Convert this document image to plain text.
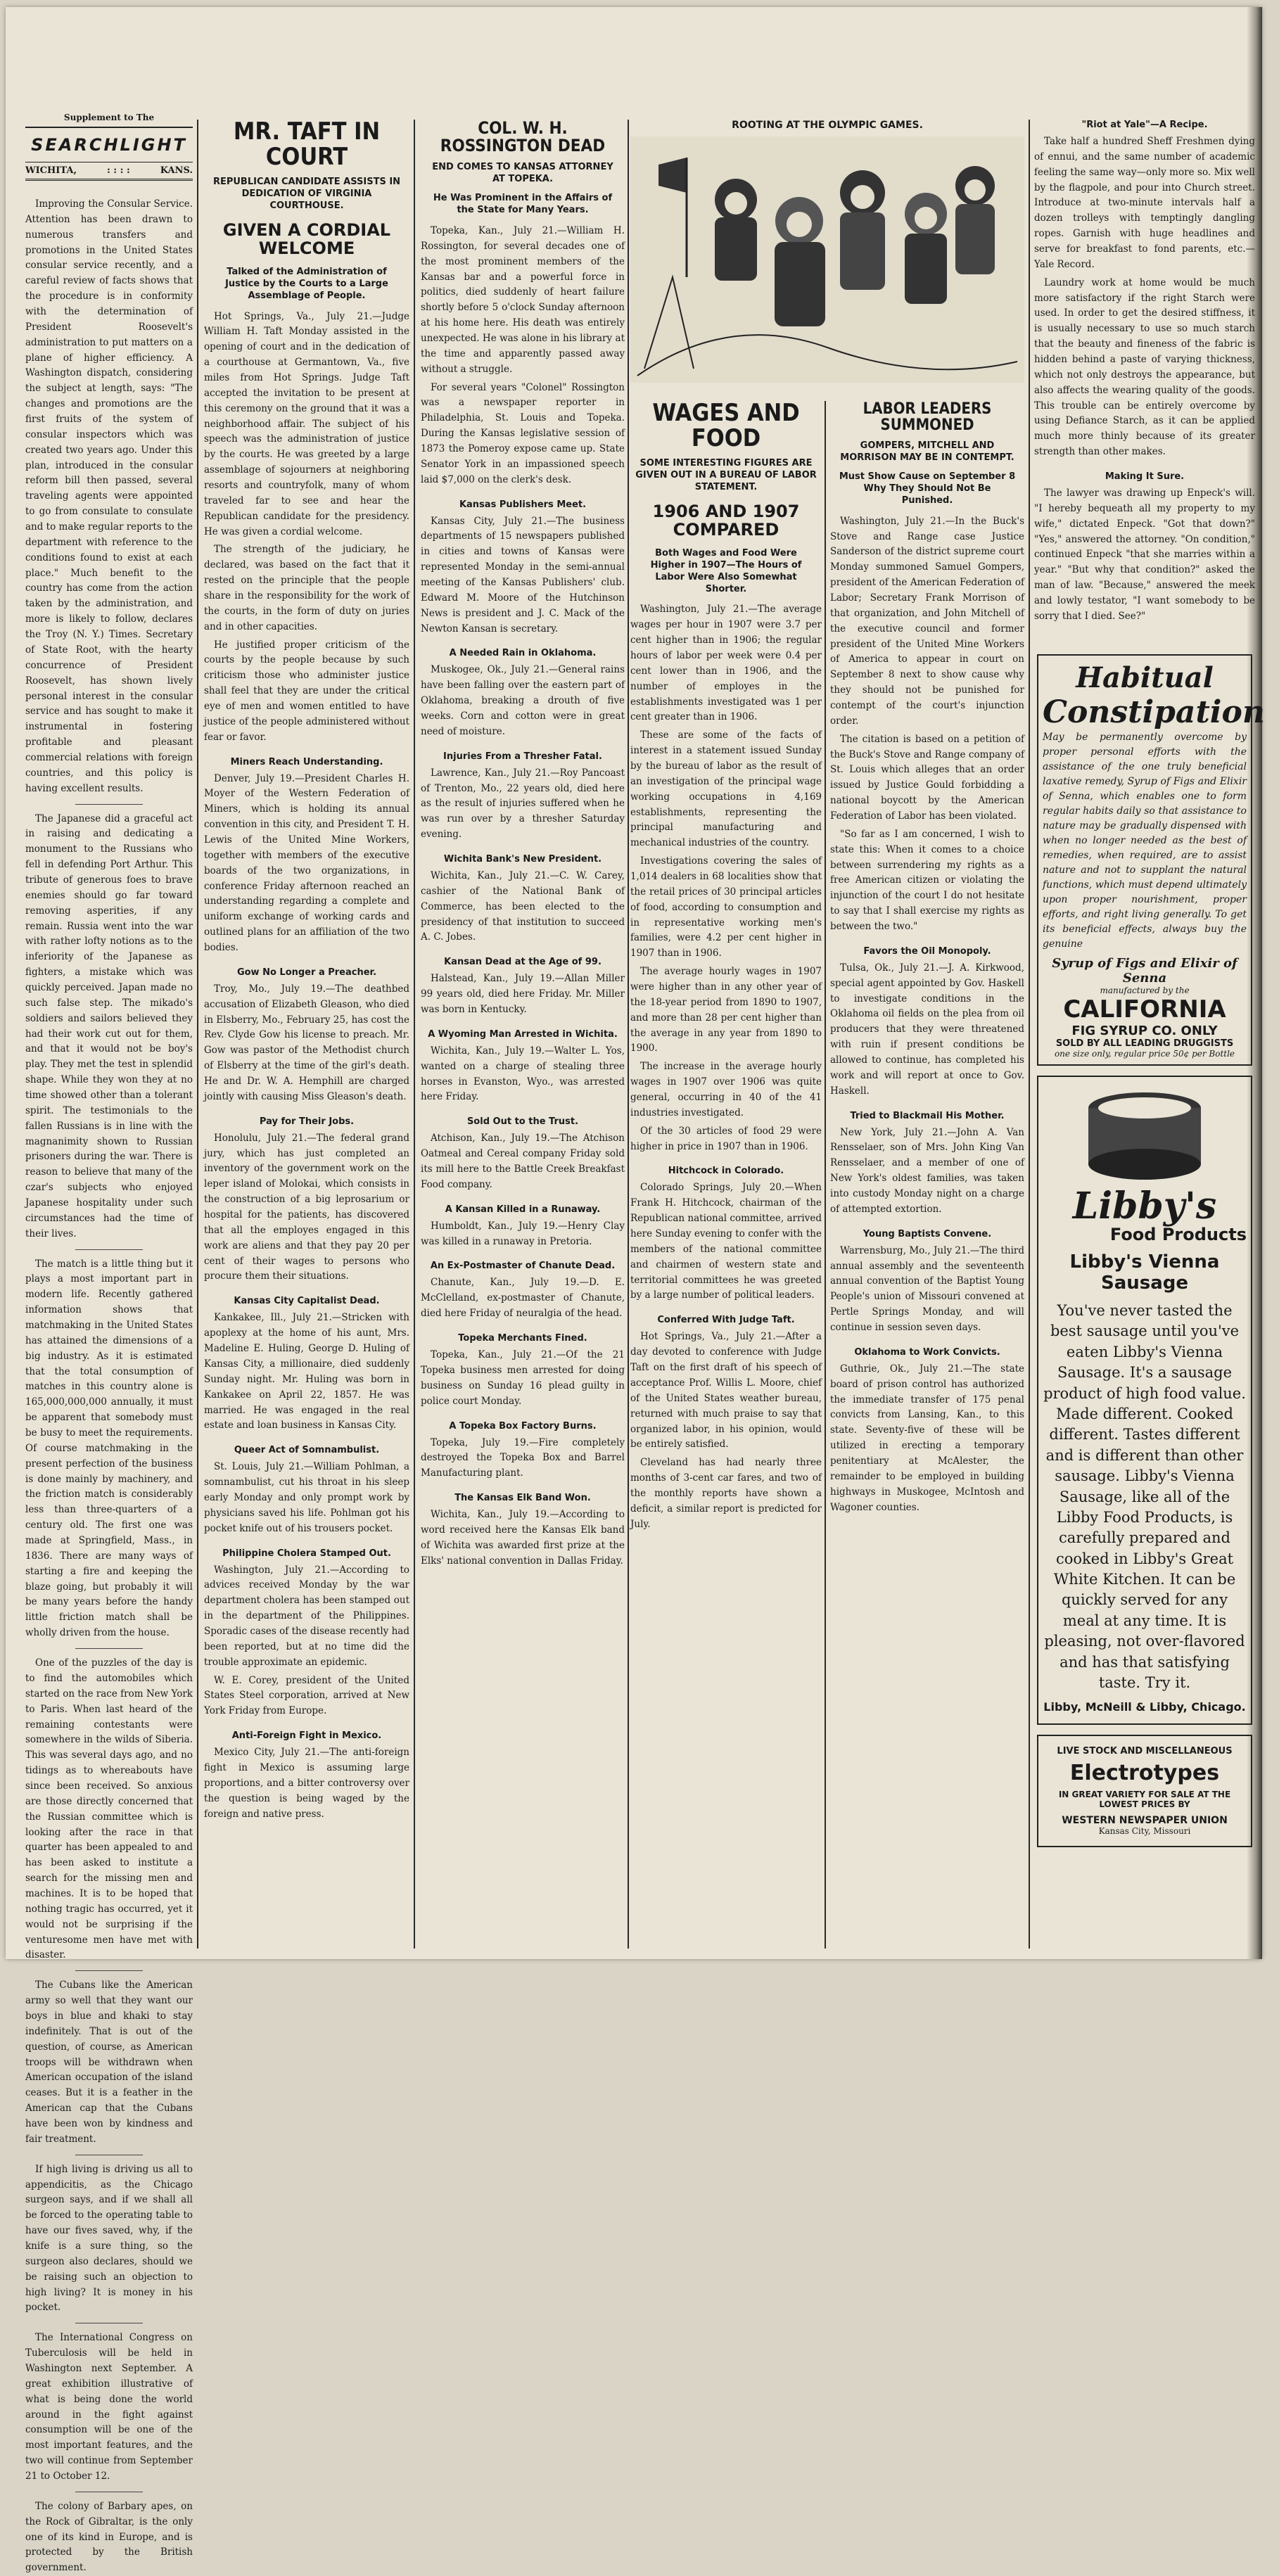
Supplement to The
SEARCHLIGHT
WICHITA,	: : : :	KANS.

Improving the Consular Service. Attention has been drawn to numerous transfers and promotions in the United States consular service recently, and a careful review of facts shows that the procedure is in conformity with the determination of President Roosevelt's administration to put matters on a plane of higher efficiency. A Washington dispatch, considering the subject at length, says: "The changes and promotions are the first fruits of the system of consular inspectors which was created two years ago. Under this plan, introduced in the consular reform bill then passed, several traveling agents were appointed to go from consulate to consulate and to make regular reports to the department with reference to the conditions found to exist at each place." Much benefit to the country has come from the action taken by the administration, and more is likely to follow, declares the Troy (N. Y.) Times. Secretary of State Root, with the hearty concurrence of President Roosevelt, has shown lively personal interest in the consular service and has sought to make it instrumental in fostering profitable and pleasant commercial relations with foreign countries, and this policy is having excellent results.

The Japanese did a graceful act in raising and dedicating a monument to the Russians who fell in defending Port Arthur. This tribute of generous foes to brave enemies should go far toward removing asperities, if any remain. Russia went into the war with rather lofty notions as to the inferiority of the Japanese as fighters, a mistake which was quickly perceived. Japan made no such false step. The mikado's soldiers and sailors believed they had their work cut out for them, and that it would not be boy's play. They met the test in splendid shape. While they won they at no time showed other than a tolerant spirit. The testimonials to the fallen Russians is in line with the magnanimity shown to Russian prisoners during the war. There is reason to believe that many of the czar's subjects who enjoyed Japanese hospitality under such circumstances had the time of their lives.

The match is a little thing but it plays a most important part in modern life. Recently gathered information shows that matchmaking in the United States has attained the dimensions of a big industry. As it is estimated that the total consumption of matches in this country alone is 165,000,000,000 annually, it must be apparent that somebody must be busy to meet the requirements. Of course matchmaking in the present perfection of the business is done mainly by machinery, and the friction match is considerably less than three-quarters of a century old. The first one was made at Springfield, Mass., in 1836. There are many ways of starting a fire and keeping the blaze going, but probably it will be many years before the handy little friction match shall be wholly driven from the house.

One of the puzzles of the day is to find the automobiles which started on the race from New York to Paris. When last heard of the remaining contestants were somewhere in the wilds of Siberia. This was several days ago, and no tidings as to whereabouts have since been received. So anxious are those directly concerned that the Russian committee which is looking after the race in that quarter has been appealed to and has been asked to institute a search for the missing men and machines. It is to be hoped that nothing tragic has occurred, yet it would not be surprising if the venturesome men have met with disaster.

The Cubans like the American army so well that they want our boys in blue and khaki to stay indefinitely. That is out of the question, of course, as American troops will be withdrawn when American occupation of the island ceases. But it is a feather in the American cap that the Cubans have been won by kindness and fair treatment.

If high living is driving us all to appendicitis, as the Chicago surgeon says, and if we shall all be forced to the operating table to have our fives saved, why, if the knife is a sure thing, so the surgeon also declares, should we be raising such an objection to high living? It is money in his pocket.

The International Congress on Tuberculosis will be held in Washington next September. A great exhibition illustrative of what is being done the world around in the fight against consumption will be one of the most important features, and the two will continue from September 21 to October 12.

The colony of Barbary apes, on the Rock of Gibraltar, is the only one of its kind in Europe, and is protected by the British government.

MR. TAFT IN COURT
REPUBLICAN CANDIDATE ASSISTS IN DEDICATION OF VIRGINIA COURTHOUSE.
GIVEN A CORDIAL WELCOME
Talked of the Administration of Justice by the Courts to a Large Assemblage of People.

Hot Springs, Va., July 21.—Judge William H. Taft Monday assisted in the opening of court and in the dedication of a courthouse at Germantown, Va., five miles from Hot Springs. Judge Taft accepted the invitation to be present at this ceremony on the ground that it was a neighborhood affair. The subject of his speech was the administration of justice by the courts. He was greeted by a large assemblage of sojourners at neighboring resorts and countryfolk, many of whom traveled far to see and hear the Republican candidate for the presidency. He was given a cordial welcome.

The strength of the judiciary, he declared, was based on the fact that it rested on the principle that the people share in the responsibility for the work of the courts, in the form of duty on juries and in other capacities.

He justified proper criticism of the courts by the people because by such criticism those who administer justice shall feel that they are under the critical eye of men and women entitled to have justice of the people administered without fear or favor.

Miners Reach Understanding.

Denver, July 19.—President Charles H. Moyer of the Western Federation of Miners, which is holding its annual convention in this city, and President T. H. Lewis of the United Mine Workers, together with members of the executive boards of the two organizations, in conference Friday afternoon reached an understanding regarding a complete and uniform exchange of working cards and outlined plans for an affiliation of the two bodies.

Gow No Longer a Preacher.

Troy, Mo., July 19.—The deathbed accusation of Elizabeth Gleason, who died in Elsberry, Mo., February 25, has cost the Rev. Clyde Gow his license to preach. Mr. Gow was pastor of the Methodist church of Elsberry at the time of the girl's death. He and Dr. W. A. Hemphill are charged jointly with causing Miss Gleason's death.

Pay for Their Jobs.

Honolulu, July 21.—The federal grand jury, which has just completed an inventory of the government work on the leper island of Molokai, which consists in the construction of a big leprosarium or hospital for the patients, has discovered that all the employes engaged in this work are aliens and that they pay 20 per cent of their wages to persons who procure them their situations.

Kansas City Capitalist Dead.

Kankakee, Ill., July 21.—Stricken with apoplexy at the home of his aunt, Mrs. Madeline E. Huling, George D. Huling of Kansas City, a millionaire, died suddenly Sunday night. Mr. Huling was born in Kankakee on April 22, 1857. He was married. He was engaged in the real estate and loan business in Kansas City.

Queer Act of Somnambulist.

St. Louis, July 21.—William Pohlman, a somnambulist, cut his throat in his sleep early Monday and only prompt work by physicians saved his life. Pohlman got his pocket knife out of his trousers pocket.

Philippine Cholera Stamped Out.

Washington, July 21.—According to advices received Monday by the war department cholera has been stamped out in the department of the Philippines. Sporadic cases of the disease recently had been reported, but at no time did the trouble approximate an epidemic.

W. E. Corey, president of the United States Steel corporation, arrived at New York Friday from Europe.

Anti-Foreign Fight in Mexico.

Mexico City, July 21.—The anti-foreign fight in Mexico is assuming large proportions, and a bitter controversy over the question is being waged by the foreign and native press.

COL. W. H. ROSSINGTON DEAD
END COMES TO KANSAS ATTORNEY AT TOPEKA.
He Was Prominent in the Affairs of the State for Many Years.

Topeka, Kan., July 21.—William H. Rossington, for several decades one of the most prominent members of the Kansas bar and a powerful force in politics, died suddenly of heart failure shortly before 5 o'clock Sunday afternoon at his home here. His death was entirely unexpected. He was alone in his library at the time and apparently passed away without a struggle.

For several years "Colonel" Rossington was a newspaper reporter in Philadelphia, St. Louis and Topeka. During the Kansas legislative session of 1873 the Pomeroy expose came up. State Senator York in an impassioned speech laid $7,000 on the clerk's desk.

Kansas Publishers Meet.

Kansas City, July 21.—The business departments of 15 newspapers published in cities and towns of Kansas were represented Monday in the semi-annual meeting of the Kansas Publishers' club. Edward M. Moore of the Hutchinson News is president and J. C. Mack of the Newton Kansan is secretary.

A Needed Rain in Oklahoma.

Muskogee, Ok., July 21.—General rains have been falling over the eastern part of Oklahoma, breaking a drouth of five weeks. Corn and cotton were in great need of moisture.

Injuries From a Thresher Fatal.

Lawrence, Kan., July 21.—Roy Pancoast of Trenton, Mo., 22 years old, died here as the result of injuries suffered when he was run over by a thresher Saturday evening.

Wichita Bank's New President.

Wichita, Kan., July 21.—C. W. Carey, cashier of the National Bank of Commerce, has been elected to the presidency of that institution to succeed A. C. Jobes.

Kansan Dead at the Age of 99.

Halstead, Kan., July 19.—Allan Miller 99 years old, died here Friday. Mr. Miller was born in Kentucky.

A Wyoming Man Arrested in Wichita.

Wichita, Kan., July 19.—Walter L. Yos, wanted on a charge of stealing three horses in Evanston, Wyo., was arrested here Friday.

Sold Out to the Trust.

Atchison, Kan., July 19.—The Atchison Oatmeal and Cereal company Friday sold its mill here to the Battle Creek Breakfast Food company.

A Kansan Killed in a Runaway.

Humboldt, Kan., July 19.—Henry Clay was killed in a runaway in Pretoria.

An Ex-Postmaster of Chanute Dead.

Chanute, Kan., July 19.—D. E. McClelland, ex-postmaster of Chanute, died here Friday of neuralgia of the head.

Topeka Merchants Fined.

Topeka, Kan., July 21.—Of the 21 Topeka business men arrested for doing business on Sunday 16 plead guilty in police court Monday.

A Topeka Box Factory Burns.

Topeka, July 19.—Fire completely destroyed the Topeka Box and Barrel Manufacturing plant.

The Kansas Elk Band Won.

Wichita, Kan., July 19.—According to word received here the Kansas Elk band of Wichita was awarded first prize at the Elks' national convention in Dallas Friday.

ROOTING AT THE OLYMPIC GAMES.
WAGES AND FOOD
SOME INTERESTING FIGURES ARE GIVEN OUT IN A BUREAU OF LABOR STATEMENT.
1906 AND 1907 COMPARED
Both Wages and Food Were Higher in 1907—The Hours of Labor Were Also Somewhat Shorter.

Washington, July 21.—The average wages per hour in 1907 were 3.7 per cent higher than in 1906; the regular hours of labor per week were 0.4 per cent lower than in 1906, and the number of employes in the establishments investigated was 1 per cent greater than in 1906.

These are some of the facts of interest in a statement issued Sunday by the bureau of labor as the result of an investigation of the principal wage working occupations in 4,169 establishments, representing the principal manufacturing and mechanical industries of the country.

Investigations covering the sales of 1,014 dealers in 68 localities show that the retail prices of 30 principal articles of food, according to consumption and in representative working men's families, were 4.2 per cent higher in 1907 than in 1906.

The average hourly wages in 1907 were higher than in any other year of the 18-year period from 1890 to 1907, and more than 28 per cent higher than the average in any year from 1890 to 1900.

The increase in the average hourly wages in 1907 over 1906 was quite general, occurring in 40 of the 41 industries investigated.

Of the 30 articles of food 29 were higher in price in 1907 than in 1906.

Hitchcock in Colorado.

Colorado Springs, July 20.—When Frank H. Hitchcock, chairman of the Republican national committee, arrived here Sunday evening to confer with the members of the national committee and chairmen of western state and territorial committees he was greeted by a large number of political leaders.

Conferred With Judge Taft.

Hot Springs, Va., July 21.—After a day devoted to conference with Judge Taft on the first draft of his speech of acceptance Prof. Willis L. Moore, chief of the United States weather bureau, returned with much praise to say that organized labor, in his opinion, would be entirely satisfied.

Cleveland has had nearly three months of 3-cent car fares, and two of the monthly reports have shown a deficit, a similar report is predicted for July.

LABOR LEADERS SUMMONED
GOMPERS, MITCHELL AND MORRISON MAY BE IN CONTEMPT.
Must Show Cause on September 8 Why They Should Not Be Punished.

Washington, July 21.—In the Buck's Stove and Range case Justice Sanderson of the district supreme court Monday summoned Samuel Gompers, president of the American Federation of Labor; Secretary Frank Morrison of that organization, and John Mitchell of the executive council and former president of the United Mine Workers of America to appear in court on September 8 next to show cause why they should not be punished for contempt of the court's injunction order.

The citation is based on a petition of the Buck's Stove and Range company of St. Louis which alleges that an order issued by Justice Gould forbidding a national boycott by the American Federation of Labor has been violated.

"So far as I am concerned, I wish to state this: When it comes to a choice between surrendering my rights as a free American citizen or violating the injunction of the court I do not hesitate to say that I shall exercise my rights as between the two."

Favors the Oil Monopoly.

Tulsa, Ok., July 21.—J. A. Kirkwood, special agent appointed by Gov. Haskell to investigate conditions in the Oklahoma oil fields on the plea from oil producers that they were threatened with ruin if present conditions be allowed to continue, has completed his work and will report at once to Gov. Haskell.

Tried to Blackmail His Mother.

New York, July 21.—John A. Van Rensselaer, son of Mrs. John King Van Rensselaer, and a member of one of New York's oldest families, was taken into custody Monday night on a charge of attempted extortion.

Young Baptists Convene.

Warrensburg, Mo., July 21.—The third annual assembly and the seventeenth annual convention of the Baptist Young People's union of Missouri convened at Pertle Springs Monday, and will continue in session seven days.

Oklahoma to Work Convicts.

Guthrie, Ok., July 21.—The state board of prison control has authorized the immediate transfer of 175 penal convicts from Lansing, Kan., to this state. Seventy-five of these will be utilized in erecting a temporary penitentiary at McAlester, the remainder to be employed in building highways in Muskogee, McIntosh and Wagoner counties.

"Riot at Yale"—A Recipe.

Take half a hundred Sheff Freshmen dying of ennui, and the same number of academic feeling the same way—only more so. Mix well by the flagpole, and pour into Church street. Introduce at two-minute intervals half a dozen trolleys with temptingly dangling ropes. Garnish with huge headlines and serve for breakfast to fond parents, etc.—Yale Record.

Laundry work at home would be much more satisfactory if the right Starch were used. In order to get the desired stiffness, it is usually necessary to use so much starch that the beauty and fineness of the fabric is hidden behind a paste of varying thickness, which not only destroys the appearance, but also affects the wearing quality of the goods. This trouble can be entirely overcome by using Defiance Starch, as it can be applied much more thinly because of its greater strength than other makes.

Making It Sure.

The lawyer was drawing up Enpeck's will. "I hereby bequeath all my property to my wife," dictated Enpeck. "Got that down?" "Yes," answered the attorney. "On condition," continued Enpeck "that she marries within a year." "But why that condition?" asked the man of law. "Because," answered the meek and lowly testator, "I want somebody to be sorry that I died. See?"

Habitual
Constipation
May be permanently overcome by proper personal efforts with the assistance of the one truly beneficial laxative remedy, Syrup of Figs and Elixir of Senna, which enables one to form regular habits daily so that assistance to nature may be gradually dispensed with when no longer needed as the best of remedies, when required, are to assist nature and not to supplant the natural functions, which must depend ultimately upon proper nourishment, proper efforts, and right living generally. To get its beneficial effects, always buy the genuine
Syrup of Figs and Elixir of Senna
manufactured by the
CALIFORNIA
FIG SYRUP CO. ONLY
SOLD BY ALL LEADING DRUGGISTS
one size only, regular price 50¢ per Bottle
Libby's
Food Products
Libby's Vienna Sausage
You've never tasted the best sausage until you've eaten Libby's Vienna Sausage. It's a sausage product of high food value. Made different. Cooked different. Tastes different and is different than other sausage. Libby's Vienna Sausage, like all of the Libby Food Products, is carefully prepared and cooked in Libby's Great White Kitchen. It can be quickly served for any meal at any time. It is pleasing, not over-flavored and has that satisfying taste. Try it.
Libby, McNeill & Libby, Chicago.
LIVE STOCK AND MISCELLANEOUS
Electrotypes
IN GREAT VARIETY FOR SALE AT THE LOWEST PRICES BY
WESTERN NEWSPAPER UNION
Kansas City, Missouri
